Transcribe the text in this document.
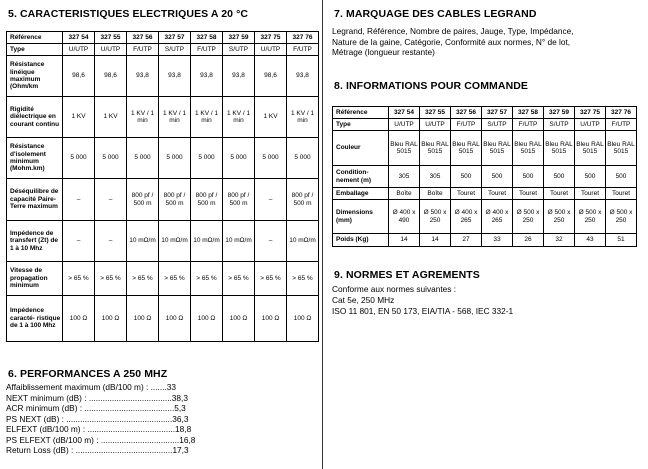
5. CARACTERISTIQUES ELECTRIQUES A 20 °C
Référence	327 54	327 55	327 56	327 57	327 58	327 59	327 75	327 76
Type	U/UTP	U/UTP	F/UTP	S/UTP	F/UTP	S/UTP	U/UTP	F/UTP
Résistance linéique maximum (Ohm/km	98,6	98,6	93,8	93,8	93,8	93,8	98,6	93,8
Rigidité diélectrique en courant continu	1 KV	1 KV	1 KV / 1 min	1 KV / 1 min	1 KV / 1 min	1 KV / 1 min	1 KV	1 KV / 1 min
Résistance d'isolement minimum (Mohm.km)	5 000	5 000	5 000	5 000	5 000	5 000	5 000	5 000
Déséquilibre de capacité Paire-Terre maximum	–	–	800 pf / 500 m	800 pf / 500 m	800 pf / 500 m	800 pf / 500 m	–	800 pf / 500 m
Impédence de transfert (Zt) de 1 à 10 Mhz	–	–	10 mΩ/m	10 mΩ/m	10 mΩ/m	10 mΩ/m	–	10 mΩ/m
Vitesse de propagation minimum	> 65 %	> 65 %	> 65 %	> 65 %	> 65 %	> 65 %	> 65 %	> 65 %
Impédence caracté- ristique de 1 à 100 Mhz	100 Ω	100 Ω	100 Ω	100 Ω	100 Ω	100 Ω	100 Ω	100 Ω
6. PERFORMANCES A 250 MHZ
Affaiblissement maximum (dB/100 m) : .......33
NEXT minimum (dB) : ....................................38,3
ACR minimum (dB) : .......................................5,3
PS NEXT (dB) : ..............................................36,3
ELFEXT (dB/100 m) : ......................................18,8
PS ELFEXT (dB/100 m) : ..................................16,8
Return Loss (dB) : ..........................................17,3
7. MARQUAGE DES CABLES LEGRAND
Legrand, Référence, Nombre de paires, Jauge, Type, Impédance,
Nature de la gaine, Catégorie, Conformité aux normes, N° de lot,
Métrage (longueur restante)
8. INFORMATIONS POUR COMMANDE
Référence	327 54	327 55	327 56	327 57	327 58	327 59	327 75	327 76
Type	U/UTP	U/UTP	F/UTP	S/UTP	F/UTP	S/UTP	U/UTP	F/UTP
Couleur	Bleu RAL 5015	Bleu RAL 5015	Bleu RAL 5015	Bleu RAL 5015	Bleu RAL 5015	Bleu RAL 5015	Bleu RAL 5015	Bleu RAL 5015
Condition- nement (m)	305	305	500	500	500	500	500	500
Emballage	Boîte	Boîte	Touret	Touret	Touret	Touret	Touret	Touret
Dimensions (mm)	Ø 400 x 490	Ø 500 x 250	Ø 400 x 265	Ø 400 x 265	Ø 500 x 250	Ø 500 x 250	Ø 500 x 250	Ø 500 x 250
Poids (Kg)	14	14	27	33	26	32	43	51
9. NORMES ET AGREMENTS
Conforme aux normes suivantes :
Cat 5e, 250 MHz
ISO 11 801, EN 50 173, EIA/TIA - 568, IEC 332-1
